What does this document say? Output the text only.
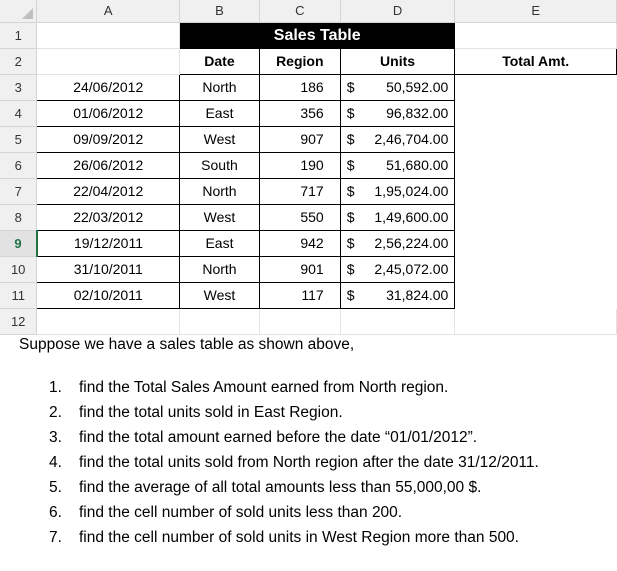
	A	B	C	D	E
1		Sales Table			
2		Date	Region	Units	Total Amt.
3	24/06/2012	North	186	$ 50,592.00	

4	01/06/2012	East	356	$ 96,832.00	

5	09/09/2012	West	907	$ 2,46,704.00	

6	26/06/2012	South	190	$ 51,680.00	

7	22/04/2012	North	717	$ 1,95,024.00	

8	22/03/2012	West	550	$ 1,49,600.00	

9	19/12/2011	East	942	$ 2,56,224.00	

10	31/10/2011	North	901	$ 2,45,072.00	

11	02/10/2011	West	117	$ 31,824.00	

12					

Suppose we have a sales table as shown above,

1. find the Total Sales Amount earned from North region.
2. find the total units sold in East Region.
3. find the total amount earned before the date “01/01/2012”.
4. find the total units sold from North region after the date 31/12/2011.
5. find the average of all total amounts less than 55,000,00 $.
6. find the cell number of sold units less than 200.
7. find the cell number of sold units in West Region more than 500.
